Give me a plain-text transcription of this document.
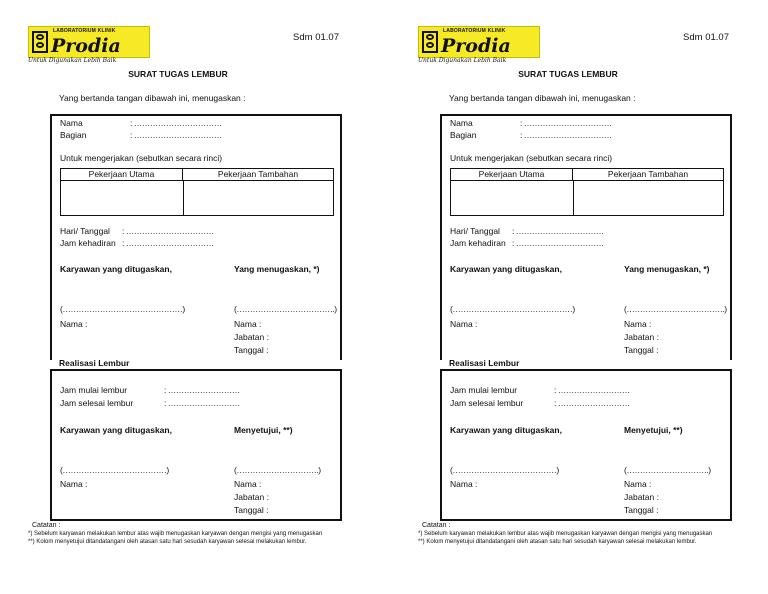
LABORATORIUM KLINIK
Prodia
Untuk Digunakan Lebih Baik
Sdm 01.07
SURAT TUGAS LEMBUR
Yang bertanda tangan dibawah ini, menugaskan :
Nama	: ……………………………
Bagian	: ……………………………
Untuk mengerjakan (sebutkan secara rinci)
Pekerjaan Utama	Pekerjaan Tambahan
Hari/ Tanggal : ……………………………
Jam kehadiran : ……………………………
Karyawan yang ditugaskan,	Yang menugaskan, *)
(………………………………………)	(……………………………….)
Nama :	Nama :
Jabatan :
Tanggal :
Realisasi Lembur
Jam mulai lembur	: ………………………
Jam selesai lembur	: ………………………
Karyawan yang ditugaskan,	Menyetujui, **)
(…………………………………)	(………………………….)
Nama :	Nama :
Jabatan :
Tanggal :
Catatan :
*) Sebelum karyawan melakukan lembur atas wajib menugaskan karyawan dengan mengisi yang menugaskan
**) Kolom menyetujui ditandatangani oleh atasan satu hari sesudah karyawan selesai melakukan lembur.
LABORATORIUM KLINIK
Prodia
Untuk Digunakan Lebih Baik
Sdm 01.07
SURAT TUGAS LEMBUR
Yang bertanda tangan dibawah ini, menugaskan :
Nama	: ……………………………
Bagian	: ……………………………
Untuk mengerjakan (sebutkan secara rinci)
Pekerjaan Utama	Pekerjaan Tambahan
Hari/ Tanggal : ……………………………
Jam kehadiran : ……………………………
Karyawan yang ditugaskan,	Yang menugaskan, *)
(………………………………………)	(……………………………….)
Nama :	Nama :
Jabatan :
Tanggal :
Realisasi Lembur
Jam mulai lembur	: ………………………
Jam selesai lembur	: ………………………
Karyawan yang ditugaskan,	Menyetujui, **)
(…………………………………)	(………………………….)
Nama :	Nama :
Jabatan :
Tanggal :
Catatan :
*) Sebelum karyawan melakukan lembur atas wajib menugaskan karyawan dengan mengisi yang menugaskan
**) Kolom menyetujui ditandatangani oleh atasan satu hari sesudah karyawan selesai melakukan lembur.
